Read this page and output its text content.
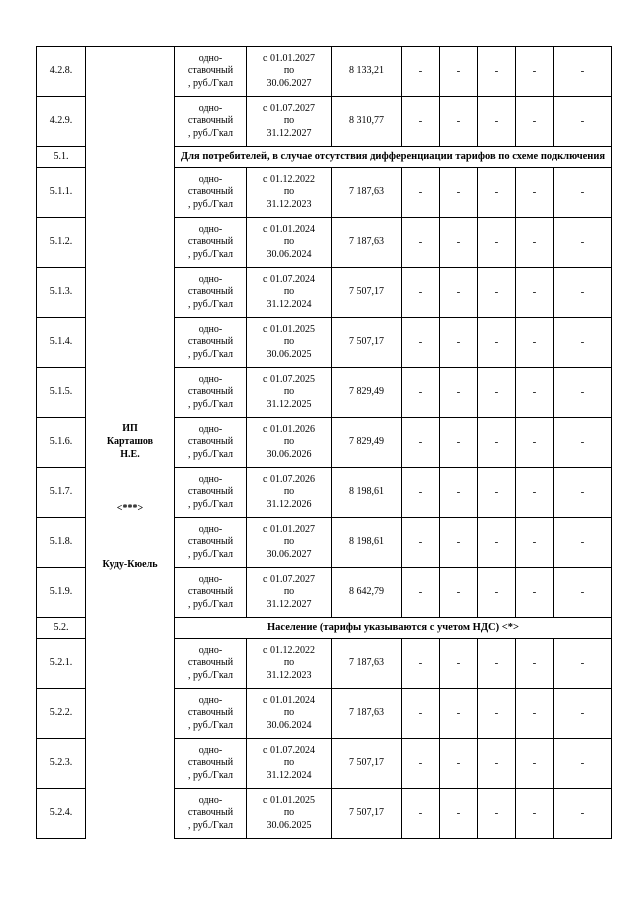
4.2.8.	ИП
Карташов
Н.Е.
<***>
Куду-Кюель	одно-
ставочный
, руб./Гкал	с 01.01.2027
по
30.06.2027	8 133,21	-	-	-	-	-
4.2.9.		одно-
ставочный
, руб./Гкал	с 01.07.2027
по
31.12.2027	8 310,77	-	-	-	-	-
5.1.		Для потребителей, в случае отсутствия дифференциации тарифов по схеме подключения							
5.1.1.		одно-
ставочный
, руб./Гкал	с 01.12.2022
по
31.12.2023	7 187,63	-	-	-	-	-
5.1.2.		одно-
ставочный
, руб./Гкал	с 01.01.2024
по
30.06.2024	7 187,63	-	-	-	-	-
5.1.3.		одно-
ставочный
, руб./Гкал	с 01.07.2024
по
31.12.2024	7 507,17	-	-	-	-	-
5.1.4.		одно-
ставочный
, руб./Гкал	с 01.01.2025
по
30.06.2025	7 507,17	-	-	-	-	-
5.1.5.		одно-
ставочный
, руб./Гкал	с 01.07.2025
по
31.12.2025	7 829,49	-	-	-	-	-
5.1.6.		одно-
ставочный
, руб./Гкал	с 01.01.2026
по
30.06.2026	7 829,49	-	-	-	-	-
5.1.7.		одно-
ставочный
, руб./Гкал	с 01.07.2026
по
31.12.2026	8 198,61	-	-	-	-	-
5.1.8.		одно-
ставочный
, руб./Гкал	с 01.01.2027
по
30.06.2027	8 198,61	-	-	-	-	-
5.1.9.		одно-
ставочный
, руб./Гкал	с 01.07.2027
по
31.12.2027	8 642,79	-	-	-	-	-
5.2.		Население (тарифы указываются с учетом НДС) <*>							
5.2.1.		одно-
ставочный
, руб./Гкал	с 01.12.2022
по
31.12.2023	7 187,63	-	-	-	-	-
5.2.2.		одно-
ставочный
, руб./Гкал	с 01.01.2024
по
30.06.2024	7 187,63	-	-	-	-	-
5.2.3.		одно-
ставочный
, руб./Гкал	с 01.07.2024
по
31.12.2024	7 507,17	-	-	-	-	-
5.2.4.		одно-
ставочный
, руб./Гкал	с 01.01.2025
по
30.06.2025	7 507,17	-	-	-	-	-
